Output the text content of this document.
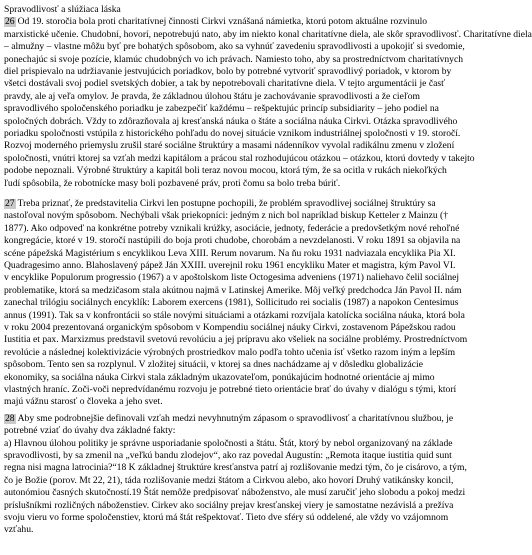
Spravodlivosť a slúžiaca láska
26 Od 19. storočia bola proti charitatívnej činnosti Cirkvi vznášaná námietka, ktorú potom aktuálne rozvinulo
marxistické učenie. Chudobní, hovorí, nepotrebujú nato, aby im niekto konal charitatívne diela, ale skôr spravodlivosť. Charitatívne diela
– almužny – vlastne môžu byť pre bohatých spôsobom, ako sa vyhnúť zavedeniu spravodlivosti a upokojiť si svedomie,
ponechajúc si svoje pozície, klamúc chudobných vo ich právach. Namiesto toho, aby sa prostredníctvom charitatívnych
diel prispievalo na udržiavanie jestvujúcich poriadkov, bolo by potrebné vytvoriť spravodlivý poriadok, v ktorom by
všetci dostávali svoj podiel svetských dobier, a tak by nepotrebovali charitatívne diela. V tejto argumentácii je časť
pravdy, ale aj veľa omylov. Je pravda, že základnou úlohou štátu je zachovávanie spravodlivosti a že cieľom
spravodlivého spoločenského poriadku je zabezpečiť každému – rešpektujúc princíp subsidiarity – jeho podiel na
spoločných dobrách. Vždy to zdôrazňovala aj kresťanská náuka o štáte a sociálna náuka Cirkvi. Otázka spravodlivého
poriadku spoločnosti vstúpila z historického pohľadu do novej situácie vznikom industriálnej spoločnosti v 19. storočí.
Rozvoj moderného priemyslu zrušil staré sociálne štruktúry a masami nádenníkov vyvolal radikálnu zmenu v zložení
spoločnosti, vnútri ktorej sa vzťah medzi kapitálom a prácou stal rozhodujúcou otázkou – otázkou, ktorú dovtedy v takejto
podobe nepoznali. Výrobné štruktúry a kapitál boli teraz novou mocou, ktorá tým, že sa ocitla v rukách niekoľkých
ľudí spôsobila, že robotnícke masy boli pozbavené práv, proti čomu sa bolo treba búriť.
27 Treba priznať, že predstavitelia Cirkvi len postupne pochopili, že problém spravodlivej sociálnej štruktúry sa
nastoľoval novým spôsobom. Nechýbali však priekopníci: jedným z nich bol napríklad biskup Ketteler z Mainzu (†
1877). Ako odpoveď na konkrétne potreby vznikali krúžky, asociácie, jednoty, federácie a predovšetkým nové rehoľné
kongregácie, ktoré v 19. storočí nastúpili do boja proti chudobe, chorobám a nevzdelanosti. V roku 1891 sa objavila na
scéne pápežská Magistérium s encyklikou Leva XIII. Rerum novarum. Na ňu roku 1931 nadviazala encyklika Pia XI.
Quadragesimo anno. Blahoslavený pápež Ján XXIII. uverejnil roku 1961 encykliku Mater et magistra, kým Pavol VI.
v encyklike Populorum progressio (1967) a v apoštolskom liste Octogesima adveniens (1971) naliehavo čelil sociálnej
problematike, ktorá sa medzičasom stala akútnou najmä v Latinskej Amerike. Môj veľký predchodca Ján Pavol II. nám
zanechal trilógiu sociálnych encyklík: Laborem exercens (1981), Sollicitudo rei socialis (1987) a napokon Centesimus
annus (1991). Tak sa v konfrontácii so stále novými situáciami a otázkami rozvíjala katolícka sociálna náuka, ktorá bola
v roku 2004 prezentovaná organickým spôsobom v Kompendiu sociálnej náuky Cirkvi, zostavenom Pápežskou radou
Iustitia et pax. Marxizmus predstavil svetovú revolúciu a jej prípravu ako všeliek na sociálne problémy. Prostredníctvom
revolúcie a následnej kolektivizácie výrobných prostriedkov malo podľa tohto učenia ísť všetko razom iným a lepším
spôsobom. Tento sen sa rozplynul. V zložitej situácii, v ktorej sa dnes nachádzame aj v dôsledku globalizácie
ekonomiky, sa sociálna náuka Cirkvi stala základným ukazovateľom, ponúkajúcim hodnotné orientácie aj mimo
vlastných hraníc. Zoči-voči nepredvídanému rozvoju je potrebné tieto orientácie brať do úvahy v dialógu s tými, ktorí
majú vážnu starosť o človeka a jeho svet.
28 Aby sme podrobnejšie definovali vzťah medzi nevyhnutným zápasom o spravodlivosť a charitatívnou službou, je
potrebné vziať do úvahy dva základné fakty:
a) Hlavnou úlohou politiky je správne usporiadanie spoločnosti a štátu. Štát, ktorý by nebol organizovaný na základe
spravodlivosti, by sa zmenil na „veľkú bandu zlodejov“, ako raz povedal Augustín: „Remota itaque iustitia quid sunt
regna nisi magna latrocinia?“18 K základnej štruktúre kresťanstva patrí aj rozlišovanie medzi tým, čo je cisárovo, a tým,
čo je Božie (porov. Mt 22, 21), táda rozlišovanie medzi štátom a Cirkvou alebo, ako hovorí Druhý vatikánsky koncil,
autonómiou časných skutočností.19 Štát nemôže predpisovať náboženstvo, ale musí zaručiť jeho slobodu a pokoj medzi
príslušníkmi rozličných náboženstiev. Cirkev ako sociálny prejav kresťanskej viery je samostatne nezávislá a prežíva
svoju vieru vo forme spoločenstiev, ktorú má štát rešpektovať. Tieto dve sféry sú oddelené, ale vždy vo vzájomnom
vzťahu.
